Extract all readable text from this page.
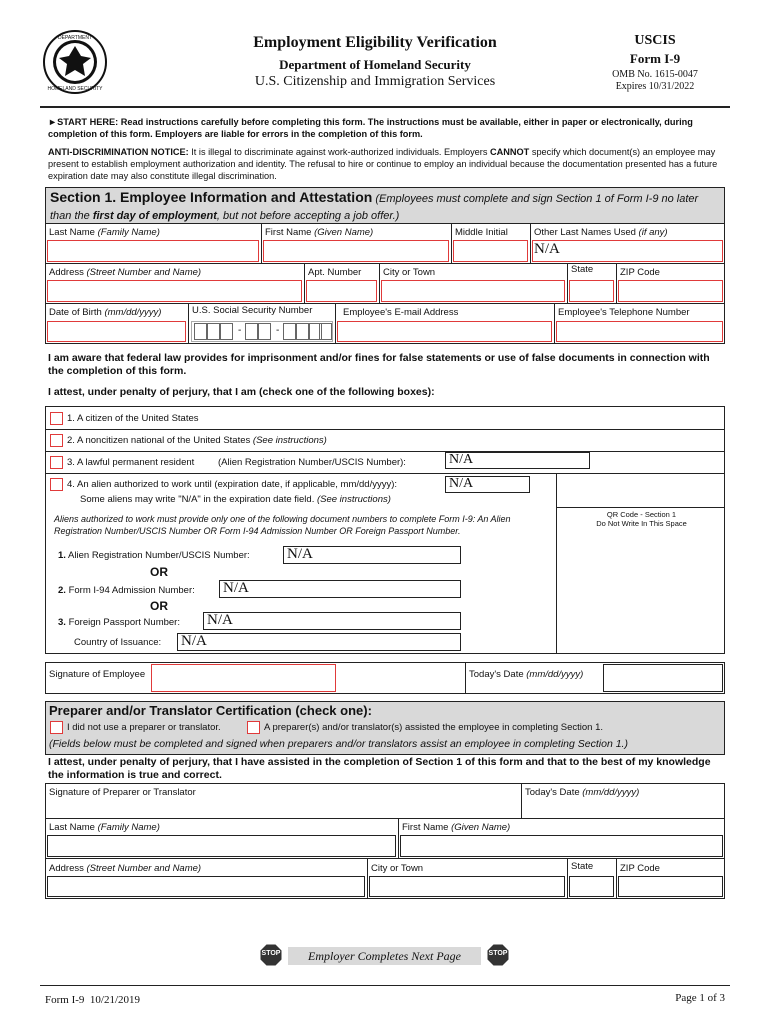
DEPARTMENT
HOMELAND SECURITY
Employment Eligibility Verification
Department of Homeland Security
U.S. Citizenship and Immigration Services
USCIS
Form I-9
OMB No. 1615-0047
Expires 10/31/2022
►START HERE: Read instructions carefully before completing this form. The instructions must be available, either in paper or electronically, during completion of this form. Employers are liable for errors in the completion of this form.
ANTI-DISCRIMINATION NOTICE: It is illegal to discriminate against work-authorized individuals. Employers CANNOT specify which document(s) an employee may present to establish employment authorization and identity. The refusal to hire or continue to employ an individual because the documentation presented has a future expiration date may also constitute illegal discrimination.
Section 1. Employee Information and Attestation (Employees must complete and sign Section 1 of Form I-9 no later than the first day of employment, but not before accepting a job offer.)
Last Name (Family Name)	First Name (Given Name)	Middle Initial	Other Last Names Used (if any)
N/A
Address (Street Number and Name)	Apt. Number City or Town	State	ZIP Code
Date of Birth (mm/dd/yyyy)	U.S. Social Security Number	Employee's E-mail Address	Employee's Telephone Number
-	-
I am aware that federal law provides for imprisonment and/or fines for false statements or use of false documents in connection with the completion of this form.
I attest, under penalty of perjury, that I am (check one of the following boxes):
1. A citizen of the United States
2. A noncitizen national of the United States (See instructions)
3. A lawful permanent resident (Alien Registration Number/USCIS Number):	N/A
4. An alien authorized to work until (expiration date, if applicable, mm/dd/yyyy):	N/A
Some aliens may write "N/A" in the expiration date field. (See instructions)
QR Code - Section 1
Do Not Write In This Space
Aliens authorized to work must provide only one of the following document numbers to complete Form I-9: An Alien Registration Number/USCIS Number OR Form I-94 Admission Number OR Foreign Passport Number.
1. Alien Registration Number/USCIS Number: N/A
OR
2. Form I-94 Admission Number: N/A
OR
3. Foreign Passport Number: N/A
Country of Issuance: N/A
Signature of Employee	Today's Date (mm/dd/yyyy)
Preparer and/or Translator Certification (check one):
I did not use a preparer or translator.	A preparer(s) and/or translator(s) assisted the employee in completing Section 1.
(Fields below must be completed and signed when preparers and/or translators assist an employee in completing Section 1.)
I attest, under penalty of perjury, that I have assisted in the completion of Section 1 of this form and that to the best of my knowledge the information is true and correct.
Signature of Preparer or Translator	Today's Date (mm/dd/yyyy)
Last Name (Family Name)	First Name (Given Name)
Address (Street Number and Name)	City or Town	State	ZIP Code
STOP	Employer Completes Next Page	STOP
Form I-9  10/21/2019	Page 1 of 3
